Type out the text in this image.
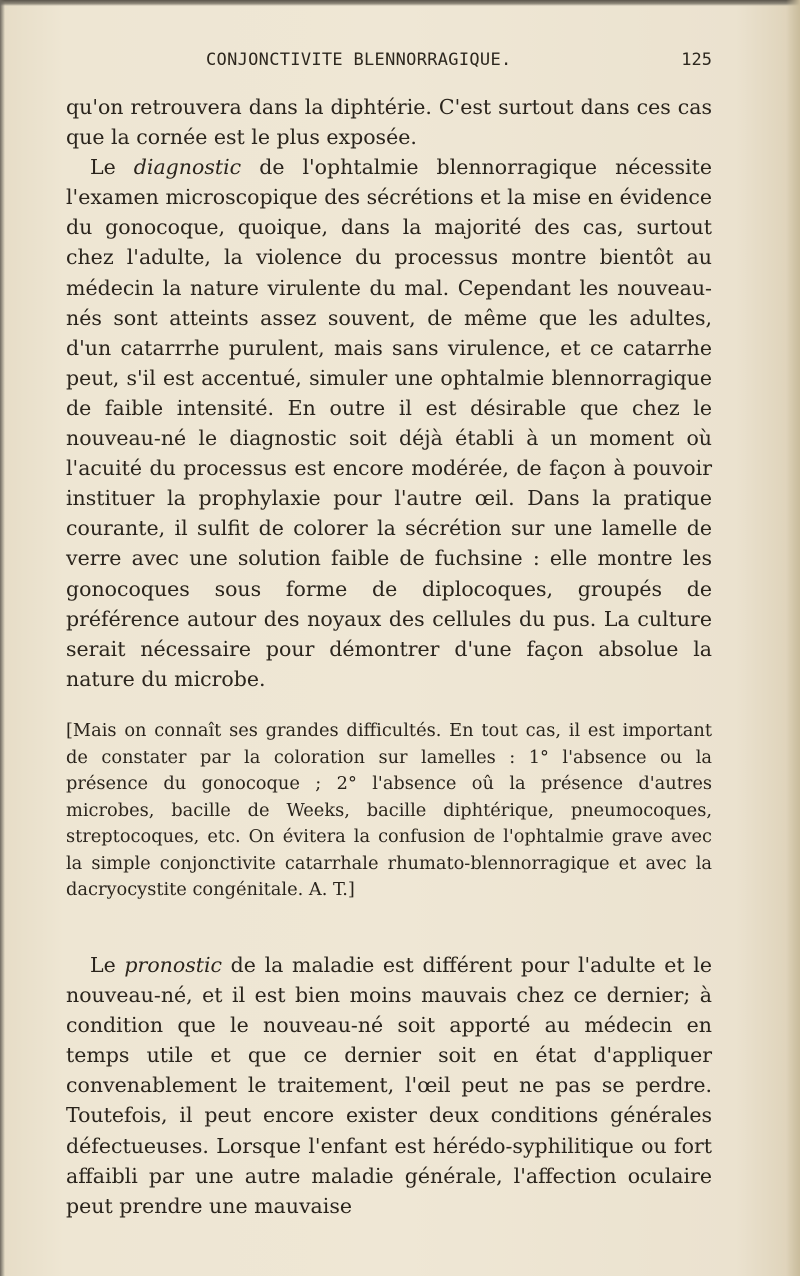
CONJONCTIVITE BLENNORRAGIQUE.	125

qu'on retrouvera dans la diphtérie. C'est surtout dans ces cas que la cornée est le plus exposée.

Le diagnostic de l'ophtalmie blennorragique nécessite l'examen microscopique des sécrétions et la mise en évidence du gonocoque, quoique, dans la majorité des cas, surtout chez l'adulte, la violence du processus montre bientôt au médecin la nature virulente du mal. Cependant les nouveau-nés sont atteints assez souvent, de même que les adultes, d'un catarrrhe purulent, mais sans virulence, et ce catarrhe peut, s'il est accentué, simuler une ophtalmie blennorragique de faible intensité. En outre il est désirable que chez le nouveau-né le diagnostic soit déjà établi à un moment où l'acuité du processus est encore modérée, de façon à pouvoir instituer la prophylaxie pour l'autre œil. Dans la pratique courante, il sulfit de colorer la sécrétion sur une lamelle de verre avec une solution faible de fuchsine : elle montre les gonocoques sous forme de diplocoques, groupés de préférence autour des noyaux des cellules du pus. La culture serait nécessaire pour démontrer d'une façon absolue la nature du microbe.

[Mais on connaît ses grandes difficultés. En tout cas, il est important de constater par la coloration sur lamelles : 1° l'absence ou la présence du gonocoque ; 2° l'absence oû la présence d'autres microbes, bacille de Weeks, bacille diphtérique, pneumocoques, streptocoques, etc. On évitera la confusion de l'ophtalmie grave avec la simple conjonctivite catarrhale rhumato-blennorragique et avec la dacryocystite congénitale. A. T.]

Le pronostic de la maladie est différent pour l'adulte et le nouveau-né, et il est bien moins mauvais chez ce dernier; à condition que le nouveau-né soit apporté au médecin en temps utile et que ce dernier soit en état d'appliquer convenablement le traitement, l'œil peut ne pas se perdre. Toutefois, il peut encore exister deux conditions générales défectueuses. Lorsque l'enfant est hérédo-syphilitique ou fort affaibli par une autre maladie générale, l'affection oculaire peut prendre une mauvaise
